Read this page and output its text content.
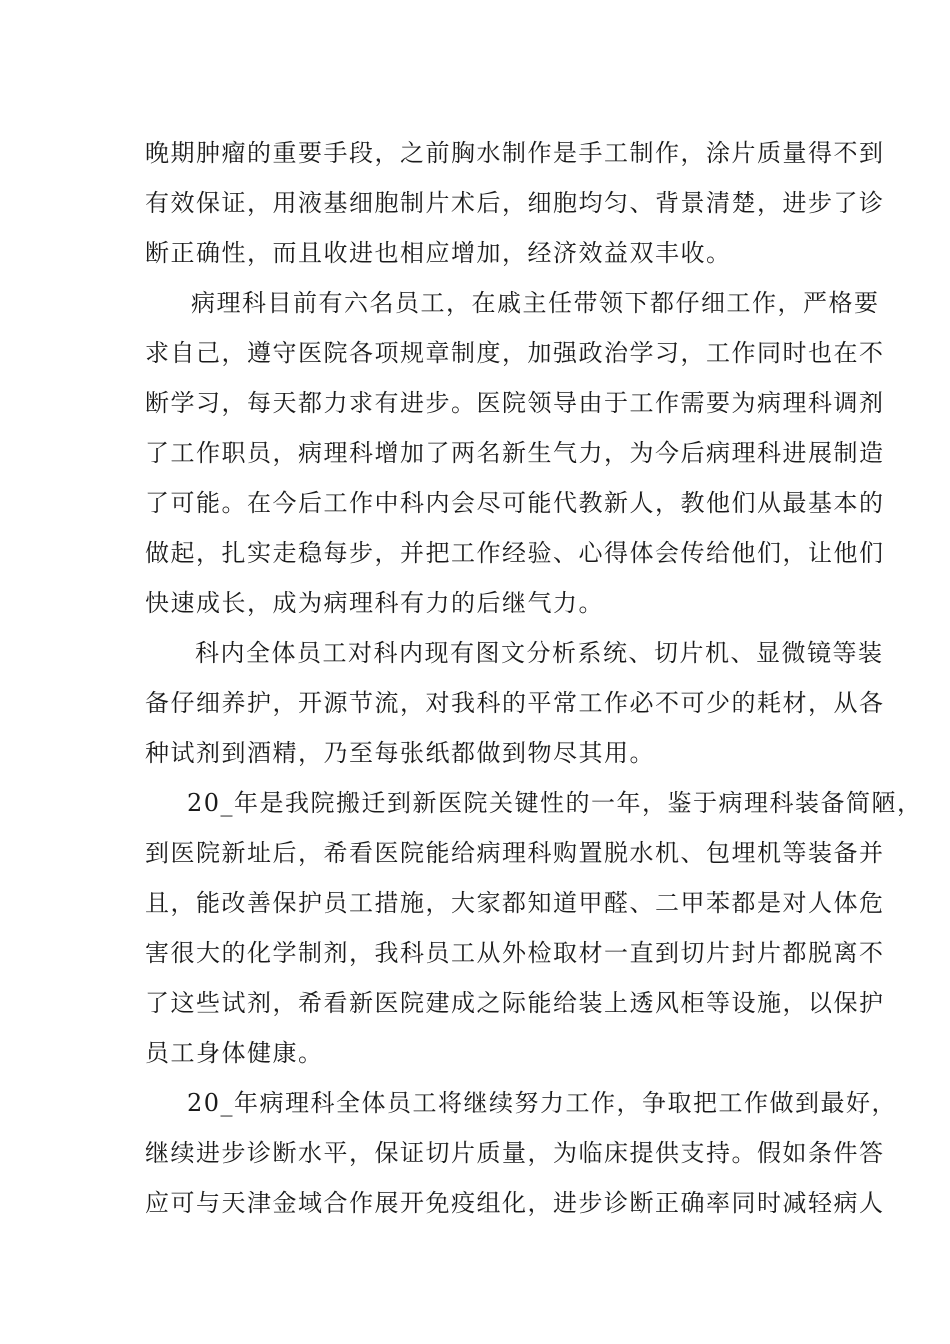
晚期肿瘤的重要手段，之前胸水制作是手工制作，涂片质量得不到
有效保证，用液基细胞制片术后，细胞均匀、背景清楚，进步了诊
断正确性，而且收进也相应增加，经济效益双丰收。
病理科目前有六名员工，在戚主任带领下都仔细工作，严格要
求自己，遵守医院各项规章制度，加强政治学习，工作同时也在不
断学习，每天都力求有进步。医院领导由于工作需要为病理科调剂
了工作职员，病理科增加了两名新生气力，为今后病理科进展制造
了可能。在今后工作中科内会尽可能代教新人，教他们从最基本的
做起，扎实走稳每步，并把工作经验、心得体会传给他们，让他们
快速成长，成为病理科有力的后继气力。
科内全体员工对科内现有图文分析系统、切片机、显微镜等装
备仔细养护，开源节流，对我科的平常工作必不可少的耗材，从各
种试剂到酒精，乃至每张纸都做到物尽其用。
20_年是我院搬迁到新医院关键性的一年，鉴于病理科装备简陋，
到医院新址后，希看医院能给病理科购置脱水机、包埋机等装备并
且，能改善保护员工措施，大家都知道甲醛、二甲苯都是对人体危
害很大的化学制剂，我科员工从外检取材一直到切片封片都脱离不
了这些试剂，希看新医院建成之际能给装上透风柜等设施，以保护
员工身体健康。
20_年病理科全体员工将继续努力工作，争取把工作做到最好，
继续进步诊断水平，保证切片质量，为临床提供支持。假如条件答
应可与天津金域合作展开免疫组化，进步诊断正确率同时减轻病人
